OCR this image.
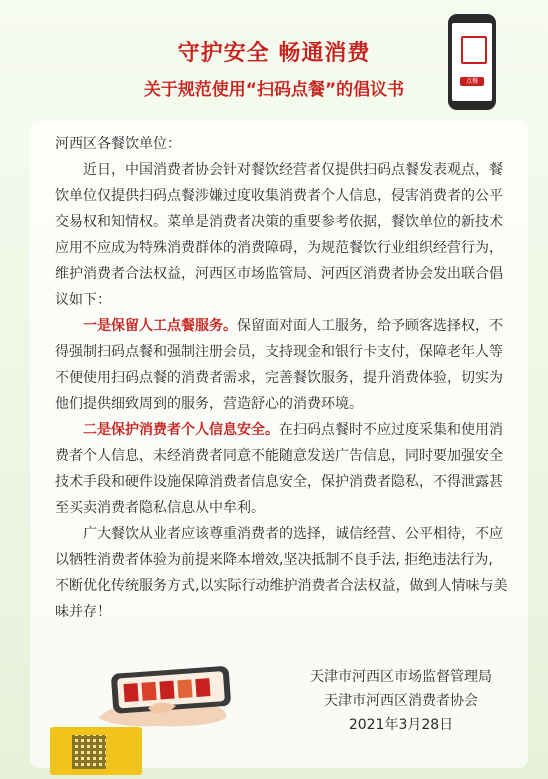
守护安全 畅通消费
关于规范使用“扫码点餐”的倡议书	点餐

河西区各餐饮单位：

近日，中国消费者协会针对餐饮经营者仅提供扫码点餐发表观点，餐饮单位仅提供扫码点餐涉嫌过度收集消费者个人信息，侵害消费者的公平交易权和知情权。菜单是消费者决策的重要参考依据，餐饮单位的新技术应用不应成为特殊消费群体的消费障碍，为规范餐饮行业组织经营行为，维护消费者合法权益，河西区市场监管局、河西区消费者协会发出联合倡议如下：

一是保留人工点餐服务。保留面对面人工服务，给予顾客选择权，不得强制扫码点餐和强制注册会员，支持现金和银行卡支付，保障老年人等不便使用扫码点餐的消费者需求，完善餐饮服务，提升消费体验，切实为他们提供细致周到的服务，营造舒心的消费环境。

二是保护消费者个人信息安全。在扫码点餐时不应过度采集和使用消费者个人信息，未经消费者同意不能随意发送广告信息，同时要加强安全技术手段和硬件设施保障消费者信息安全，保护消费者隐私，不得泄露甚至买卖消费者隐私信息从中牟利。

广大餐饮从业者应该尊重消费者的选择，诚信经营、公平相待，不应以牺牲消费者体验为前提来降本增效,坚决抵制不良手法, 拒绝违法行为, 不断优化传统服务方式,以实际行动维护消费者合法权益，做到人情味与美味并存！

天津市河西区市场监督管理局
天津市河西区消费者协会
2021年3月28日
